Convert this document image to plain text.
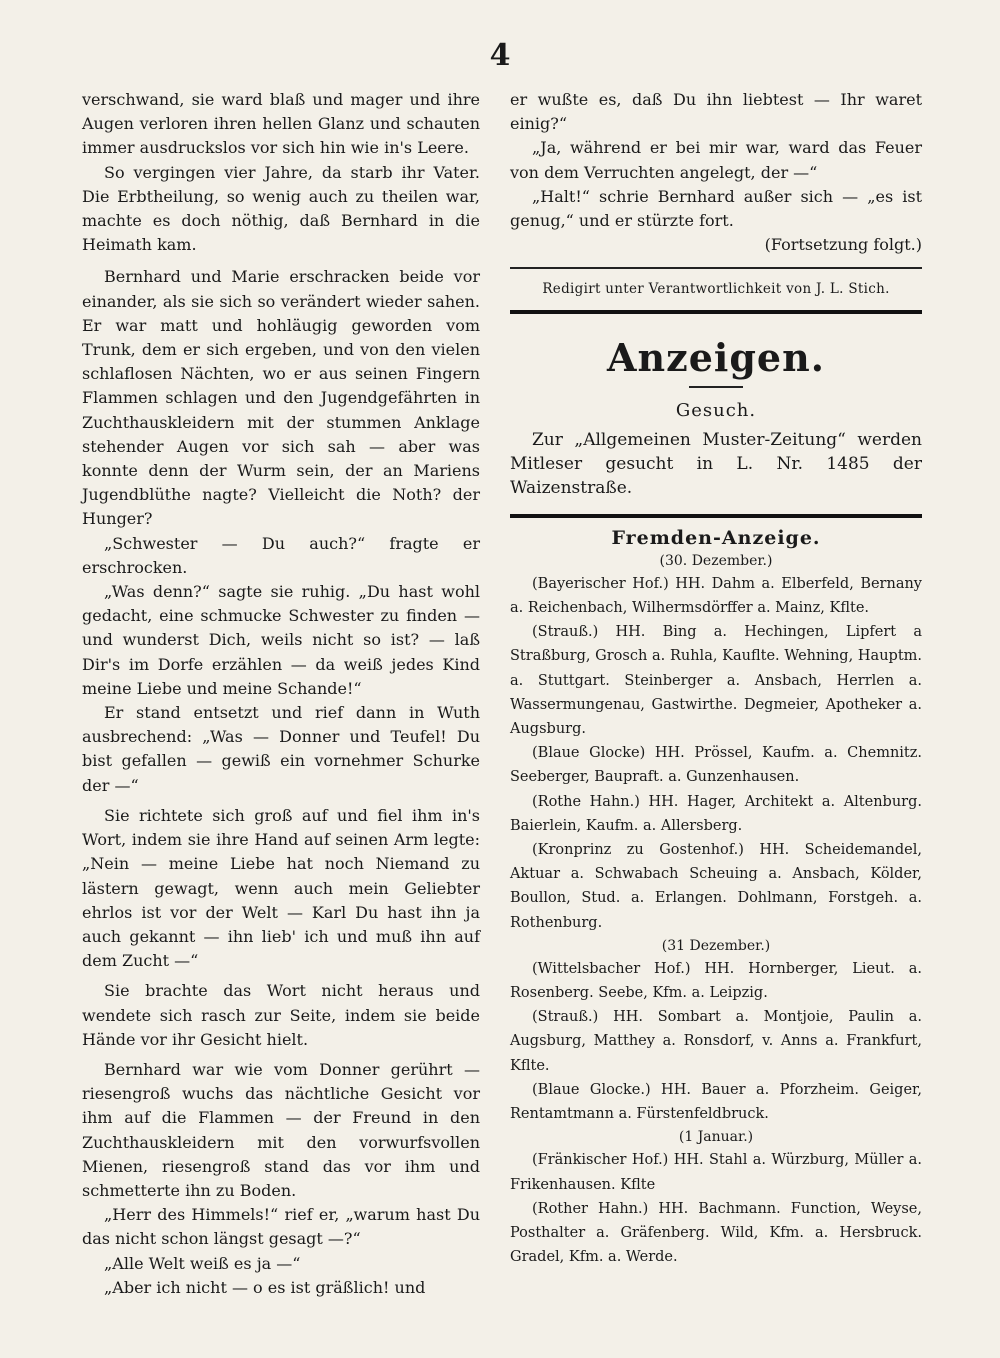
4

verschwand, sie ward blaß und mager und ihre Augen verloren ihren hellen Glanz und schauten immer ausdruckslos vor sich hin wie in's Leere.

So vergingen vier Jahre, da starb ihr Vater. Die Erbtheilung, so wenig auch zu theilen war, machte es doch nöthig, daß Bernhard in die Heimath kam.

Bernhard und Marie erschracken beide vor einander, als sie sich so verändert wieder sahen. Er war matt und hohläugig geworden vom Trunk, dem er sich ergeben, und von den vielen schlaflosen Nächten, wo er aus seinen Fingern Flammen schlagen und den Jugendgefährten in Zuchthauskleidern mit der stummen Anklage stehender Augen vor sich sah — aber was konnte denn der Wurm sein, der an Mariens Jugendblüthe nagte? Vielleicht die Noth? der Hunger?

„Schwester — Du auch?“ fragte er erschrocken.

„Was denn?“ sagte sie ruhig. „Du hast wohl gedacht, eine schmucke Schwester zu finden — und wunderst Dich, weils nicht so ist? — laß Dir's im Dorfe erzählen — da weiß jedes Kind meine Liebe und meine Schande!“

Er stand entsetzt und rief dann in Wuth ausbrechend: „Was — Donner und Teufel! Du bist gefallen — gewiß ein vornehmer Schurke der —“

Sie richtete sich groß auf und fiel ihm in's Wort, indem sie ihre Hand auf seinen Arm legte: „Nein — meine Liebe hat noch Niemand zu lästern gewagt, wenn auch mein Geliebter ehrlos ist vor der Welt — Karl Du hast ihn ja auch gekannt — ihn lieb' ich und muß ihn auf dem Zucht —“

Sie brachte das Wort nicht heraus und wendete sich rasch zur Seite, indem sie beide Hände vor ihr Gesicht hielt.

Bernhard war wie vom Donner gerührt — riesengroß wuchs das nächtliche Gesicht vor ihm auf die Flammen — der Freund in den Zuchthauskleidern mit den vorwurfsvollen Mienen, riesengroß stand das vor ihm und schmetterte ihn zu Boden.

„Herr des Himmels!“ rief er, „warum hast Du das nicht schon längst gesagt —?“

„Alle Welt weiß es ja —“

„Aber ich nicht — o es ist gräßlich! und

er wußte es, daß Du ihn liebtest — Ihr waret einig?“

„Ja, während er bei mir war, ward das Feuer von dem Verruchten angelegt, der —“

„Halt!“ schrie Bernhard außer sich — „es ist genug,“ und er stürzte fort.

(Fortsetzung folgt.)

Redigirt unter Verantwortlichkeit von J. L. Stich.

Anzeigen.
Gesuch.

Zur „Allgemeinen Muster-Zeitung“ werden Mitleser gesucht in L. Nr. 1485 der Waizenstraße.

Fremden-Anzeige.
(30. Dezember.)

(Bayerischer Hof.) HH. Dahm a. Elberfeld, Bernany a. Reichenbach, Wilhermsdörffer a. Mainz, Kflte.

(Strauß.) HH. Bing a. Hechingen, Lipfert a Straßburg, Grosch a. Ruhla, Kauflte. Wehning, Hauptm. a. Stuttgart. Steinberger a. Ansbach, Herrlen a. Wassermungenau, Gastwirthe. Degmeier, Apotheker a. Augsburg.

(Blaue Glocke) HH. Prössel, Kaufm. a. Chemnitz. Seeberger, Baupraft. a. Gunzenhausen.

(Rothe Hahn.) HH. Hager, Architekt a. Altenburg. Baierlein, Kaufm. a. Allersberg.

(Kronprinz zu Gostenhof.) HH. Scheidemandel, Aktuar a. Schwabach Scheuing a. Ansbach, Kölder, Boullon, Stud. a. Erlangen. Dohlmann, Forstgeh. a. Rothenburg.

(31 Dezember.)

(Wittelsbacher Hof.) HH. Hornberger, Lieut. a. Rosenberg. Seebe, Kfm. a. Leipzig.

(Strauß.) HH. Sombart a. Montjoie, Paulin a. Augsburg, Matthey a. Ronsdorf, v. Anns a. Frankfurt, Kflte.

(Blaue Glocke.) HH. Bauer a. Pforzheim. Geiger, Rentamtmann a. Fürstenfeldbruck.

(1 Januar.)

(Fränkischer Hof.) HH. Stahl a. Würzburg, Müller a. Frikenhausen. Kflte

(Rother Hahn.) HH. Bachmann. Function, Weyse, Posthalter a. Gräfenberg. Wild, Kfm. a. Hersbruck. Gradel, Kfm. a. Werde.
